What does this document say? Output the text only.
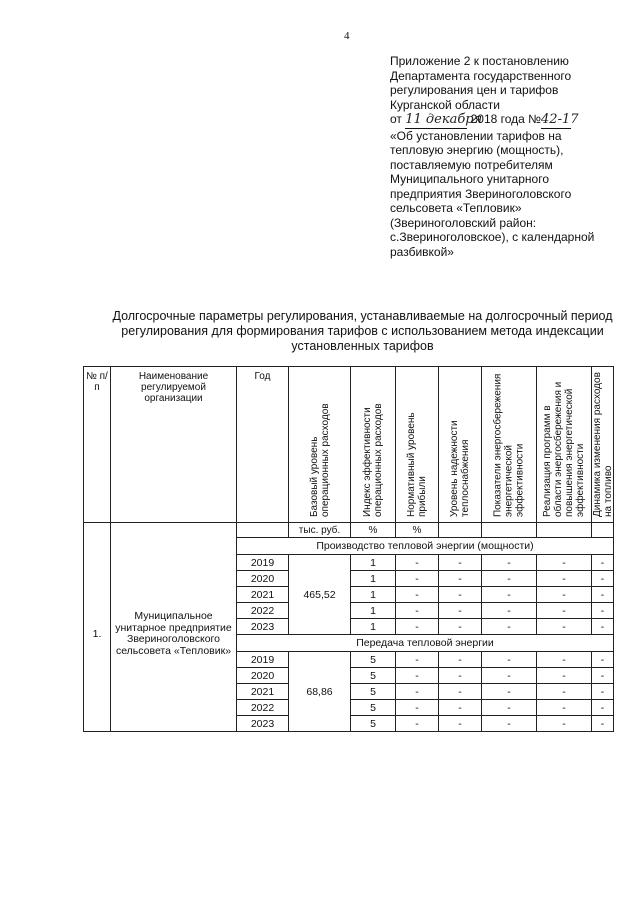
4
Приложение 2 к постановлению
Департамента государственного
регулирования цен и тарифов
Курганской области
от 11 декабря 2018 года №42-17
«Об установлении тарифов на
тепловую энергию (мощность),
поставляемую потребителям
Муниципального унитарного
предприятия Звериноголовского
сельсовета «Тепловик»
(Звериноголовский район:
с.Звериноголовское), с календарной
разбивкой»
Долгосрочные параметры регулирования, устанавливаемые на долгосрочный период регулирования для формирования тарифов с использованием метода индексации установленных тарифов
№ п/п	Наименование регулируемой организации	Год	Базовый уровень операционных расходов	Индекс эффективности операционных расходов	Нормативный уровень прибыли	Уровень надежности теплоснабжения	Показатели энергосбережения энергетической эффективности	Реализация программ в области энергосбережения и повышения энергетической эффективности	Динамика изменения расходов на топливо

			тыс. руб.	%	%				
1.	Муниципальное унитарное предприятие Звериноголовского сельсовета «Тепловик»	Производство тепловой энергии (мощности)							
		2019	465,52	1	-	-	-	-	-
		2020		1	-	-	-	-	-
		2021		1	-	-	-	-	-
		2022		1	-	-	-	-	-
		2023		1	-	-	-	-	-
		Передача тепловой энергии							
		2019	68,86	5	-	-	-	-	-
		2020		5	-	-	-	-	-
		2021		5	-	-	-	-	-
		2022		5	-	-	-	-	-
		2023		5	-	-	-	-	-
